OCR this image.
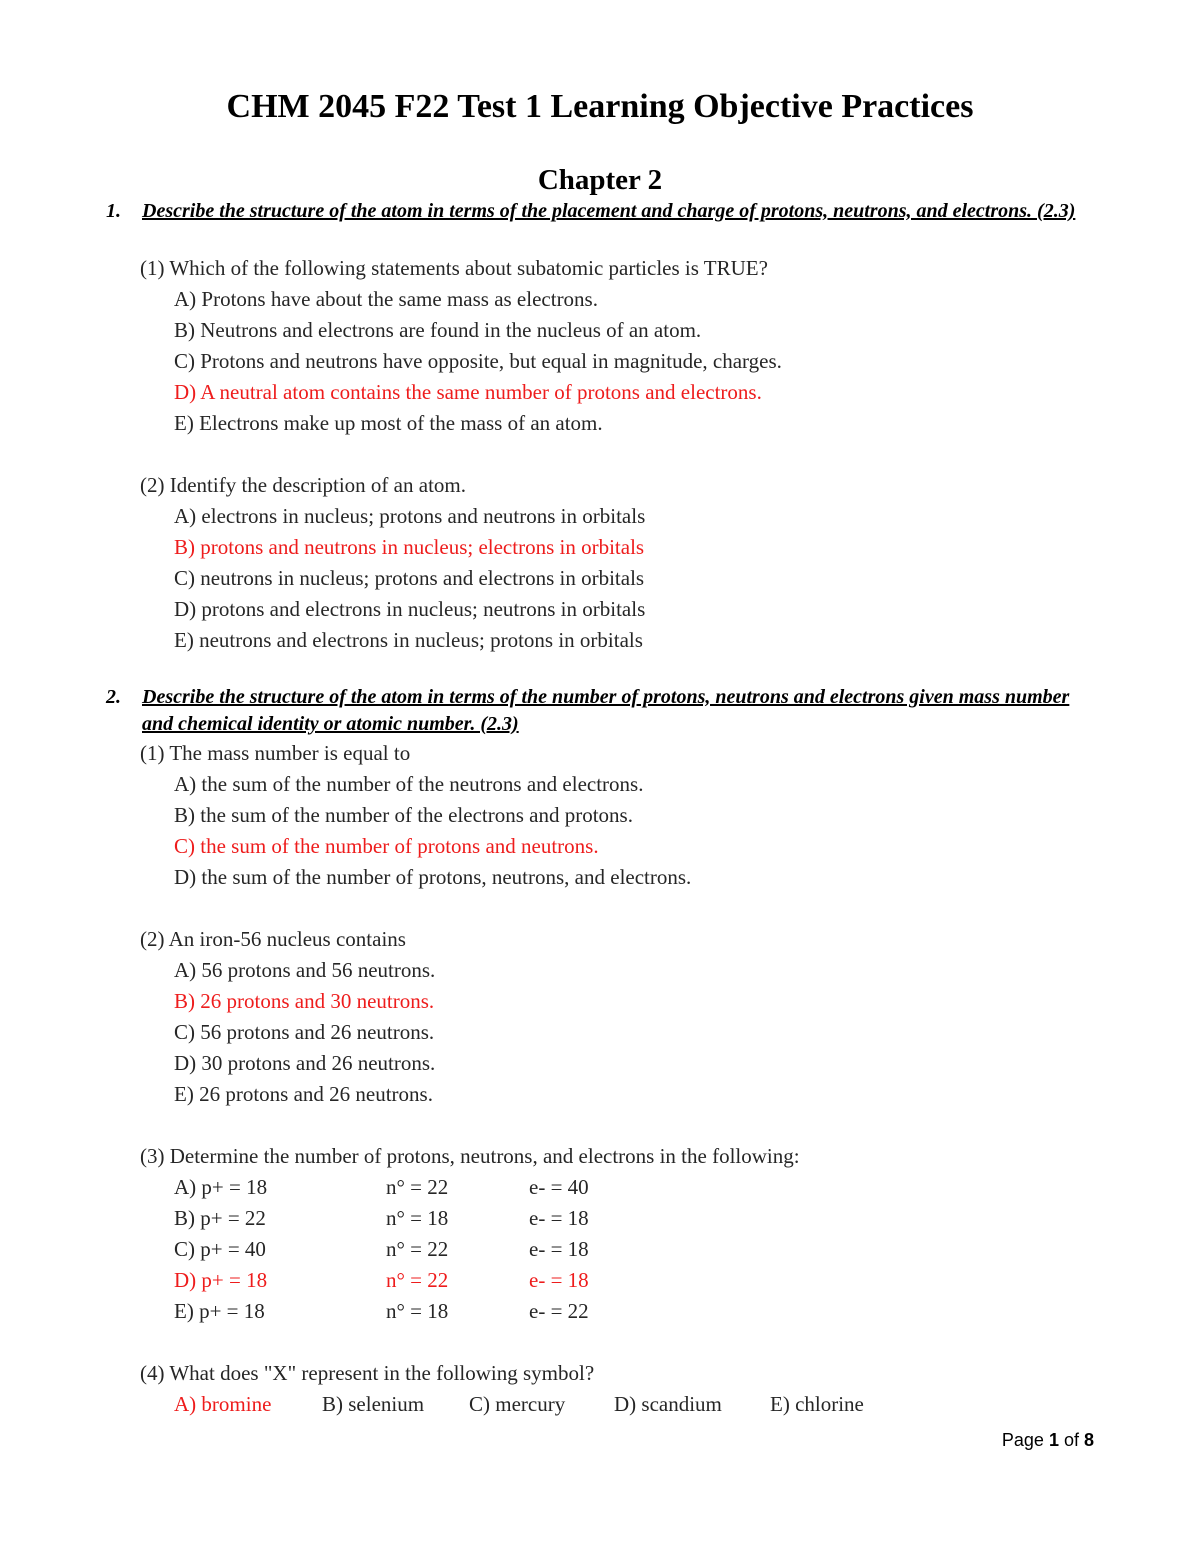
CHM 2045 F22 Test 1 Learning Objective Practices
Chapter 2
1. Describe the structure of the atom in terms of the placement and charge of protons, neutrons, and electrons. (2.3)
(1) Which of the following statements about subatomic particles is TRUE?
A) Protons have about the same mass as electrons.
B) Neutrons and electrons are found in the nucleus of an atom.
C) Protons and neutrons have opposite, but equal in magnitude, charges.
D) A neutral atom contains the same number of protons and electrons.
E) Electrons make up most of the mass of an atom.
(2) Identify the description of an atom.
A) electrons in nucleus; protons and neutrons in orbitals
B) protons and neutrons in nucleus; electrons in orbitals
C) neutrons in nucleus; protons and electrons in orbitals
D) protons and electrons in nucleus; neutrons in orbitals
E) neutrons and electrons in nucleus; protons in orbitals
2. Describe the structure of the atom in terms of the number of protons, neutrons and electrons given mass number and chemical identity or atomic number. (2.3)
(1) The mass number is equal to
A) the sum of the number of the neutrons and electrons.
B) the sum of the number of the electrons and protons.
C) the sum of the number of protons and neutrons.
D) the sum of the number of protons, neutrons, and electrons.
(2) An iron-56 nucleus contains
A) 56 protons and 56 neutrons.
B) 26 protons and 30 neutrons.
C) 56 protons and 26 neutrons.
D) 30 protons and 26 neutrons.
E) 26 protons and 26 neutrons.
(3) Determine the number of protons, neutrons, and electrons in the following:
A) p+ = 18	n° = 22	e- = 40
B) p+ = 22	n° = 18	e- = 18
C) p+ = 40	n° = 22	e- = 18
D) p+ = 18	n° = 22	e- = 18
E) p+ = 18	n° = 18	e- = 22
(4) What does "X" represent in the following symbol?
A) bromine B) selenium C) mercury D) scandium E) chlorine
Page 1 of 8
